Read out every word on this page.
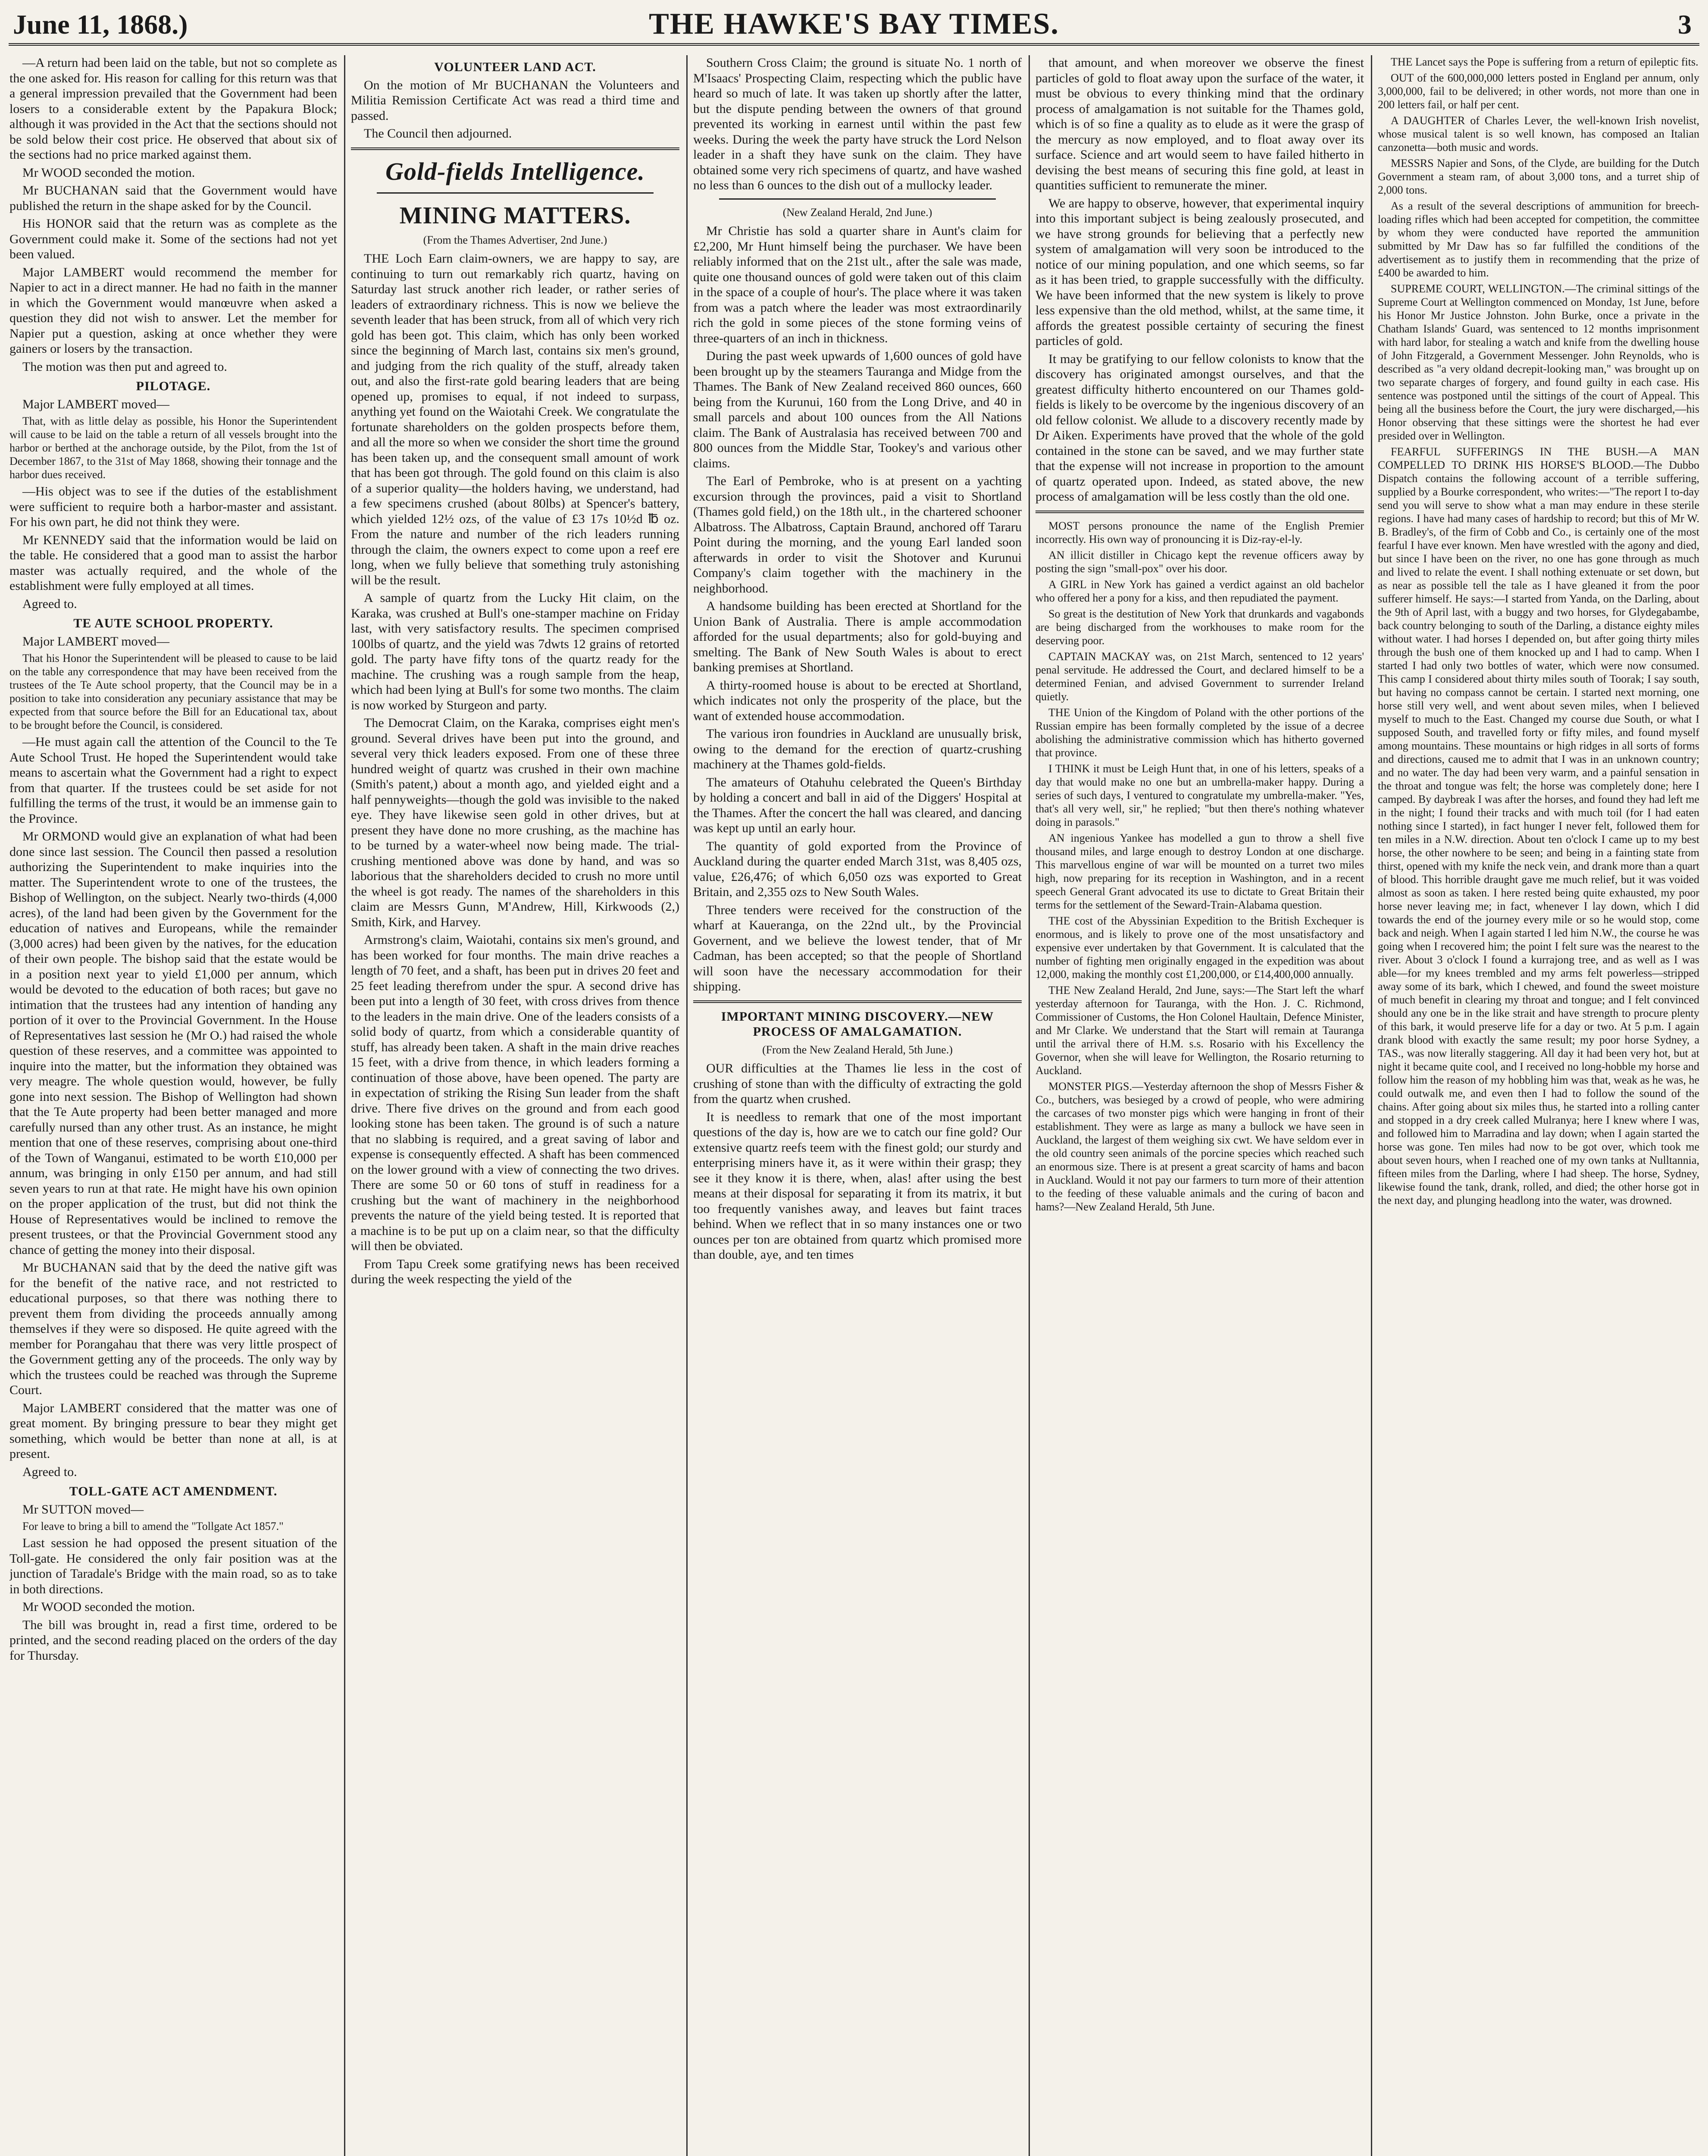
June 11, 1868.)	THE HAWKE'S BAY TIMES.	3

—A return had been laid on the table, but not so complete as the one asked for. His reason for calling for this return was that a general impression prevailed that the Government had been losers to a considerable extent by the Papakura Block; although it was provided in the Act that the sections should not be sold below their cost price. He observed that about six of the sections had no price marked against them.

Mr WOOD seconded the motion.

Mr BUCHANAN said that the Government would have published the return in the shape asked for by the Council.

His HONOR said that the return was as complete as the Government could make it. Some of the sections had not yet been valued.

Major LAMBERT would recommend the member for Napier to act in a direct manner. He had no faith in the manner in which the Government would manœuvre when asked a question they did not wish to answer. Let the member for Napier put a question, asking at once whether they were gainers or losers by the transaction.

The motion was then put and agreed to.

PILOTAGE.

Major LAMBERT moved—

That, with as little delay as possible, his Honor the Superintendent will cause to be laid on the table a return of all vessels brought into the harbor or berthed at the anchorage outside, by the Pilot, from the 1st of December 1867, to the 31st of May 1868, showing their tonnage and the harbor dues received.

—His object was to see if the duties of the establishment were sufficient to require both a harbor-master and assistant. For his own part, he did not think they were.

Mr KENNEDY said that the information would be laid on the table. He considered that a good man to assist the harbor master was actually required, and the whole of the establishment were fully employed at all times.

Agreed to.

TE AUTE SCHOOL PROPERTY.

Major LAMBERT moved—

That his Honor the Superintendent will be pleased to cause to be laid on the table any correspondence that may have been received from the trustees of the Te Aute school property, that the Council may be in a position to take into consideration any pecuniary assistance that may be expected from that source before the Bill for an Educational tax, about to be brought before the Council, is considered.

—He must again call the attention of the Council to the Te Aute School Trust. He hoped the Superintendent would take means to ascertain what the Government had a right to expect from that quarter. If the trustees could be set aside for not fulfilling the terms of the trust, it would be an immense gain to the Province.

Mr ORMOND would give an explanation of what had been done since last session. The Council then passed a resolution authorizing the Superintendent to make inquiries into the matter. The Superintendent wrote to one of the trustees, the Bishop of Wellington, on the subject. Nearly two-thirds (4,000 acres), of the land had been given by the Government for the education of natives and Europeans, while the remainder (3,000 acres) had been given by the natives, for the education of their own people. The bishop said that the estate would be in a position next year to yield £1,000 per annum, which would be devoted to the education of both races; but gave no intimation that the trustees had any intention of handing any portion of it over to the Provincial Government. In the House of Representatives last session he (Mr O.) had raised the whole question of these reserves, and a committee was appointed to inquire into the matter, but the information they obtained was very meagre. The whole question would, however, be fully gone into next session. The Bishop of Wellington had shown that the Te Aute property had been better managed and more carefully nursed than any other trust. As an instance, he might mention that one of these reserves, comprising about one-third of the Town of Wanganui, estimated to be worth £10,000 per annum, was bringing in only £150 per annum, and had still seven years to run at that rate. He might have his own opinion on the proper application of the trust, but did not think the House of Representatives would be inclined to remove the present trustees, or that the Provincial Government stood any chance of getting the money into their disposal.

Mr BUCHANAN said that by the deed the native gift was for the benefit of the native race, and not restricted to educational purposes, so that there was nothing there to prevent them from dividing the proceeds annually among themselves if they were so disposed. He quite agreed with the member for Porangahau that there was very little prospect of the Government getting any of the proceeds. The only way by which the trustees could be reached was through the Supreme Court.

Major LAMBERT considered that the matter was one of great moment. By bringing pressure to bear they might get something, which would be better than none at all, is at present.

Agreed to.

TOLL-GATE ACT AMENDMENT.

Mr SUTTON moved—

For leave to bring a bill to amend the "Tollgate Act 1857."

Last session he had opposed the present situation of the Toll-gate. He considered the only fair position was at the junction of Taradale's Bridge with the main road, so as to take in both directions.

Mr WOOD seconded the motion.

The bill was brought in, read a first time, ordered to be printed, and the second reading placed on the orders of the day for Thursday.

VOLUNTEER LAND ACT.

On the motion of Mr BUCHANAN the Volunteers and Militia Remission Certificate Act was read a third time and passed.

The Council then adjourned.

Gold-fields Intelligence.

MINING MATTERS.

(From the Thames Advertiser, 2nd June.)

THE Loch Earn claim-owners, we are happy to say, are continuing to turn out remarkably rich quartz, having on Saturday last struck another rich leader, or rather series of leaders of extraordinary richness. This is now we believe the seventh leader that has been struck, from all of which very rich gold has been got. This claim, which has only been worked since the beginning of March last, contains six men's ground, and judging from the rich quality of the stuff, already taken out, and also the first-rate gold bearing leaders that are being opened up, promises to equal, if not indeed to surpass, anything yet found on the Waiotahi Creek. We congratulate the fortunate shareholders on the golden prospects before them, and all the more so when we consider the short time the ground has been taken up, and the consequent small amount of work that has been got through. The gold found on this claim is also of a superior quality—the holders having, we understand, had a few specimens crushed (about 80lbs) at Spencer's battery, which yielded 12½ ozs, of the value of £3 17s 10½d ℔ oz. From the nature and number of the rich leaders running through the claim, the owners expect to come upon a reef ere long, when we fully believe that something truly astonishing will be the result.

A sample of quartz from the Lucky Hit claim, on the Karaka, was crushed at Bull's one-stamper machine on Friday last, with very satisfactory results. The specimen comprised 100lbs of quartz, and the yield was 7dwts 12 grains of retorted gold. The party have fifty tons of the quartz ready for the machine. The crushing was a rough sample from the heap, which had been lying at Bull's for some two months. The claim is now worked by Sturgeon and party.

The Democrat Claim, on the Karaka, comprises eight men's ground. Several drives have been put into the ground, and several very thick leaders exposed. From one of these three hundred weight of quartz was crushed in their own machine (Smith's patent,) about a month ago, and yielded eight and a half pennyweights—though the gold was invisible to the naked eye. They have likewise seen gold in other drives, but at present they have done no more crushing, as the machine has to be turned by a water-wheel now being made. The trial-crushing mentioned above was done by hand, and was so laborious that the shareholders decided to crush no more until the wheel is got ready. The names of the shareholders in this claim are Messrs Gunn, M'Andrew, Hill, Kirkwoods (2,) Smith, Kirk, and Harvey.

Armstrong's claim, Waiotahi, contains six men's ground, and has been worked for four months. The main drive reaches a length of 70 feet, and a shaft, has been put in drives 20 feet and 25 feet leading therefrom under the spur. A second drive has been put into a length of 30 feet, with cross drives from thence to the leaders in the main drive. One of the leaders consists of a solid body of quartz, from which a considerable quantity of stuff, has already been taken. A shaft in the main drive reaches 15 feet, with a drive from thence, in which leaders forming a continuation of those above, have been opened. The party are in expectation of striking the Rising Sun leader from the shaft drive. There five drives on the ground and from each good looking stone has been taken. The ground is of such a nature that no slabbing is required, and a great saving of labor and expense is consequently effected. A shaft has been commenced on the lower ground with a view of connecting the two drives. There are some 50 or 60 tons of stuff in readiness for a crushing but the want of machinery in the neighborhood prevents the nature of the yield being tested. It is reported that a machine is to be put up on a claim near, so that the difficulty will then be obviated.

From Tapu Creek some gratifying news has been received during the week respecting the yield of the

Southern Cross Claim; the ground is situate No. 1 north of M'Isaacs' Prospecting Claim, respecting which the public have heard so much of late. It was taken up shortly after the latter, but the dispute pending between the owners of that ground prevented its working in earnest until within the past few weeks. During the week the party have struck the Lord Nelson leader in a shaft they have sunk on the claim. They have obtained some very rich specimens of quartz, and have washed no less than 6 ounces to the dish out of a mullocky leader.

(New Zealand Herald, 2nd June.)

Mr Christie has sold a quarter share in Aunt's claim for £2,200, Mr Hunt himself being the purchaser. We have been reliably informed that on the 21st ult., after the sale was made, quite one thousand ounces of gold were taken out of this claim in the space of a couple of hour's. The place where it was taken from was a patch where the leader was most extraordinarily rich the gold in some pieces of the stone forming veins of three-quarters of an inch in thickness.

During the past week upwards of 1,600 ounces of gold have been brought up by the steamers Tauranga and Midge from the Thames. The Bank of New Zealand received 860 ounces, 660 being from the Kurunui, 160 from the Long Drive, and 40 in small parcels and about 100 ounces from the All Nations claim. The Bank of Australasia has received between 700 and 800 ounces from the Middle Star, Tookey's and various other claims.

The Earl of Pembroke, who is at present on a yachting excursion through the provinces, paid a visit to Shortland (Thames gold field,) on the 18th ult., in the chartered schooner Albatross. The Albatross, Captain Braund, anchored off Tararu Point during the morning, and the young Earl landed soon afterwards in order to visit the Shotover and Kurunui Company's claim together with the machinery in the neighborhood.

A handsome building has been erected at Shortland for the Union Bank of Australia. There is ample accommodation afforded for the usual departments; also for gold-buying and smelting. The Bank of New South Wales is about to erect banking premises at Shortland.

A thirty-roomed house is about to be erected at Shortland, which indicates not only the prosperity of the place, but the want of extended house accommodation.

The various iron foundries in Auckland are unusually brisk, owing to the demand for the erection of quartz-crushing machinery at the Thames gold-fields.

The amateurs of Otahuhu celebrated the Queen's Birthday by holding a concert and ball in aid of the Diggers' Hospital at the Thames. After the concert the hall was cleared, and dancing was kept up until an early hour.

The quantity of gold exported from the Province of Auckland during the quarter ended March 31st, was 8,405 ozs, value, £26,476; of which 6,050 ozs was exported to Great Britain, and 2,355 ozs to New South Wales.

Three tenders were received for the construction of the wharf at Kaueranga, on the 22nd ult., by the Provincial Governent, and we believe the lowest tender, that of Mr Cadman, has been accepted; so that the people of Shortland will soon have the necessary accommodation for their shipping.

IMPORTANT MINING DISCOVERY.—NEW PROCESS OF AMALGAMATION.

(From the New Zealand Herald, 5th June.)

OUR difficulties at the Thames lie less in the cost of crushing of stone than with the difficulty of extracting the gold from the quartz when crushed.

It is needless to remark that one of the most important questions of the day is, how are we to catch our fine gold? Our extensive quartz reefs teem with the finest gold; our sturdy and enterprising miners have it, as it were within their grasp; they see it they know it is there, when, alas! after using the best means at their disposal for separating it from its matrix, it but too frequently vanishes away, and leaves but faint traces behind. When we reflect that in so many instances one or two ounces per ton are obtained from quartz which promised more than double, aye, and ten times

that amount, and when moreover we observe the finest particles of gold to float away upon the surface of the water, it must be obvious to every thinking mind that the ordinary process of amalgamation is not suitable for the Thames gold, which is of so fine a quality as to elude as it were the grasp of the mercury as now employed, and to float away over its surface. Science and art would seem to have failed hitherto in devising the best means of securing this fine gold, at least in quantities sufficient to remunerate the miner.

We are happy to observe, however, that experimental inquiry into this important subject is being zealously prosecuted, and we have strong grounds for believing that a perfectly new system of amalgamation will very soon be introduced to the notice of our mining population, and one which seems, so far as it has been tried, to grapple successfully with the difficulty. We have been informed that the new system is likely to prove less expensive than the old method, whilst, at the same time, it affords the greatest possible certainty of securing the finest particles of gold.

It may be gratifying to our fellow colonists to know that the discovery has originated amongst ourselves, and that the greatest difficulty hitherto encountered on our Thames gold-fields is likely to be overcome by the ingenious discovery of an old fellow colonist. We allude to a discovery recently made by Dr Aiken. Experiments have proved that the whole of the gold contained in the stone can be saved, and we may further state that the expense will not increase in proportion to the amount of quartz operated upon. Indeed, as stated above, the new process of amalgamation will be less costly than the old one.

MOST persons pronounce the name of the English Premier incorrectly. His own way of pronouncing it is Diz-ray-el-ly.

AN illicit distiller in Chicago kept the revenue officers away by posting the sign "small-pox" over his door.

A GIRL in New York has gained a verdict against an old bachelor who offered her a pony for a kiss, and then repudiated the payment.

So great is the destitution of New York that drunkards and vagabonds are being discharged from the workhouses to make room for the deserving poor.

CAPTAIN MACKAY was, on 21st March, sentenced to 12 years' penal servitude. He addressed the Court, and declared himself to be a determined Fenian, and advised Government to surrender Ireland quietly.

THE Union of the Kingdom of Poland with the other portions of the Russian empire has been formally completed by the issue of a decree abolishing the administrative commission which has hitherto governed that province.

I THINK it must be Leigh Hunt that, in one of his letters, speaks of a day that would make no one but an umbrella-maker happy. During a series of such days, I ventured to congratulate my umbrella-maker. "Yes, that's all very well, sir," he replied; "but then there's nothing whatever doing in parasols."

AN ingenious Yankee has modelled a gun to throw a shell five thousand miles, and large enough to destroy London at one discharge. This marvellous engine of war will be mounted on a turret two miles high, now preparing for its reception in Washington, and in a recent speech General Grant advocated its use to dictate to Great Britain their terms for the settlement of the Seward-Train-Alabama question.

THE cost of the Abyssinian Expedition to the British Exchequer is enormous, and is likely to prove one of the most unsatisfactory and expensive ever undertaken by that Government. It is calculated that the number of fighting men originally engaged in the expedition was about 12,000, making the monthly cost £1,200,000, or £14,400,000 annually.

THE New Zealand Herald, 2nd June, says:—The Start left the wharf yesterday afternoon for Tauranga, with the Hon. J. C. Richmond, Commissioner of Customs, the Hon Colonel Haultain, Defence Minister, and Mr Clarke. We understand that the Start will remain at Tauranga until the arrival there of H.M. s.s. Rosario with his Excellency the Governor, when she will leave for Wellington, the Rosario returning to Auckland.

MONSTER PIGS.—Yesterday afternoon the shop of Messrs Fisher & Co., butchers, was besieged by a crowd of people, who were admiring the carcases of two monster pigs which were hanging in front of their establishment. They were as large as many a bullock we have seen in Auckland, the largest of them weighing six cwt. We have seldom ever in the old country seen animals of the porcine species which reached such an enormous size. There is at present a great scarcity of hams and bacon in Auckland. Would it not pay our farmers to turn more of their attention to the feeding of these valuable animals and the curing of bacon and hams?—New Zealand Herald, 5th June.

THE Lancet says the Pope is suffering from a return of epileptic fits.

OUT of the 600,000,000 letters posted in England per annum, only 3,000,000, fail to be delivered; in other words, not more than one in 200 letters fail, or half per cent.

A DAUGHTER of Charles Lever, the well-known Irish novelist, whose musical talent is so well known, has composed an Italian canzonetta—both music and words.

MESSRS Napier and Sons, of the Clyde, are building for the Dutch Government a steam ram, of about 3,000 tons, and a turret ship of 2,000 tons.

As a result of the several descriptions of ammunition for breech-loading rifles which had been accepted for competition, the committee by whom they were conducted have reported the ammunition submitted by Mr Daw has so far fulfilled the conditions of the advertisement as to justify them in recommending that the prize of £400 be awarded to him.

SUPREME COURT, WELLINGTON.—The criminal sittings of the Supreme Court at Wellington commenced on Monday, 1st June, before his Honor Mr Justice Johnston. John Burke, once a private in the Chatham Islands' Guard, was sentenced to 12 months imprisonment with hard labor, for stealing a watch and knife from the dwelling house of John Fitzgerald, a Government Messenger. John Reynolds, who is described as "a very oldand decrepit-looking man," was brought up on two separate charges of forgery, and found guilty in each case. His sentence was postponed until the sittings of the court of Appeal. This being all the business before the Court, the jury were discharged,—his Honor observing that these sittings were the shortest he had ever presided over in Wellington.

FEARFUL SUFFERINGS IN THE BUSH.—A MAN COMPELLED TO DRINK HIS HORSE'S BLOOD.—The Dubbo Dispatch contains the following account of a terrible suffering, supplied by a Bourke correspondent, who writes:—"The report I to-day send you will serve to show what a man may endure in these sterile regions. I have had many cases of hardship to record; but this of Mr W. B. Bradley's, of the firm of Cobb and Co., is certainly one of the most fearful I have ever known. Men have wrestled with the agony and died, but since I have been on the river, no one has gone through as much and lived to relate the event. I shall nothing extenuate or set down, but as near as possible tell the tale as I have gleaned it from the poor sufferer himself. He says:—I started from Yanda, on the Darling, about the 9th of April last, with a buggy and two horses, for Glydegabambe, back country belonging to south of the Darling, a distance eighty miles without water. I had horses I depended on, but after going thirty miles through the bush one of them knocked up and I had to camp. When I started I had only two bottles of water, which were now consumed. This camp I considered about thirty miles south of Toorak; I say south, but having no compass cannot be certain. I started next morning, one horse still very well, and went about seven miles, when I believed myself to much to the East. Changed my course due South, or what I supposed South, and travelled forty or fifty miles, and found myself among mountains. These mountains or high ridges in all sorts of forms and directions, caused me to admit that I was in an unknown country; and no water. The day had been very warm, and a painful sensation in the throat and tongue was felt; the horse was completely done; here I camped. By daybreak I was after the horses, and found they had left me in the night; I found their tracks and with much toil (for I had eaten nothing since I started), in fact hunger I never felt, followed them for ten miles in a N.W. direction. About ten o'clock I came up to my best horse, the other nowhere to be seen; and being in a fainting state from thirst, opened with my knife the neck vein, and drank more than a quart of blood. This horrible draught gave me much relief, but it was voided almost as soon as taken. I here rested being quite exhausted, my poor horse never leaving me; in fact, whenever I lay down, which I did towards the end of the journey every mile or so he would stop, come back and neigh. When I again started I led him N.W., the course he was going when I recovered him; the point I felt sure was the nearest to the river. About 3 o'clock I found a kurrajong tree, and as well as I was able—for my knees trembled and my arms felt powerless—stripped away some of its bark, which I chewed, and found the sweet moisture of much benefit in clearing my throat and tongue; and I felt convinced should any one be in the like strait and have strength to procure plenty of this bark, it would preserve life for a day or two. At 5 p.m. I again drank blood with exactly the same result; my poor horse Sydney, a TAS., was now literally staggering. All day it had been very hot, but at night it became quite cool, and I received no long-hobble my horse and follow him the reason of my hobbling him was that, weak as he was, he could outwalk me, and even then I had to follow the sound of the chains. After going about six miles thus, he started into a rolling canter and stopped in a dry creek called Mulranya; here I knew where I was, and followed him to Marradina and lay down; when I again started the horse was gone. Ten miles had now to be got over, which took me about seven hours, when I reached one of my own tanks at Nulltannia, fifteen miles from the Darling, where I had sheep. The horse, Sydney, likewise found the tank, drank, rolled, and died; the other horse got in the next day, and plunging headlong into the water, was drowned.
